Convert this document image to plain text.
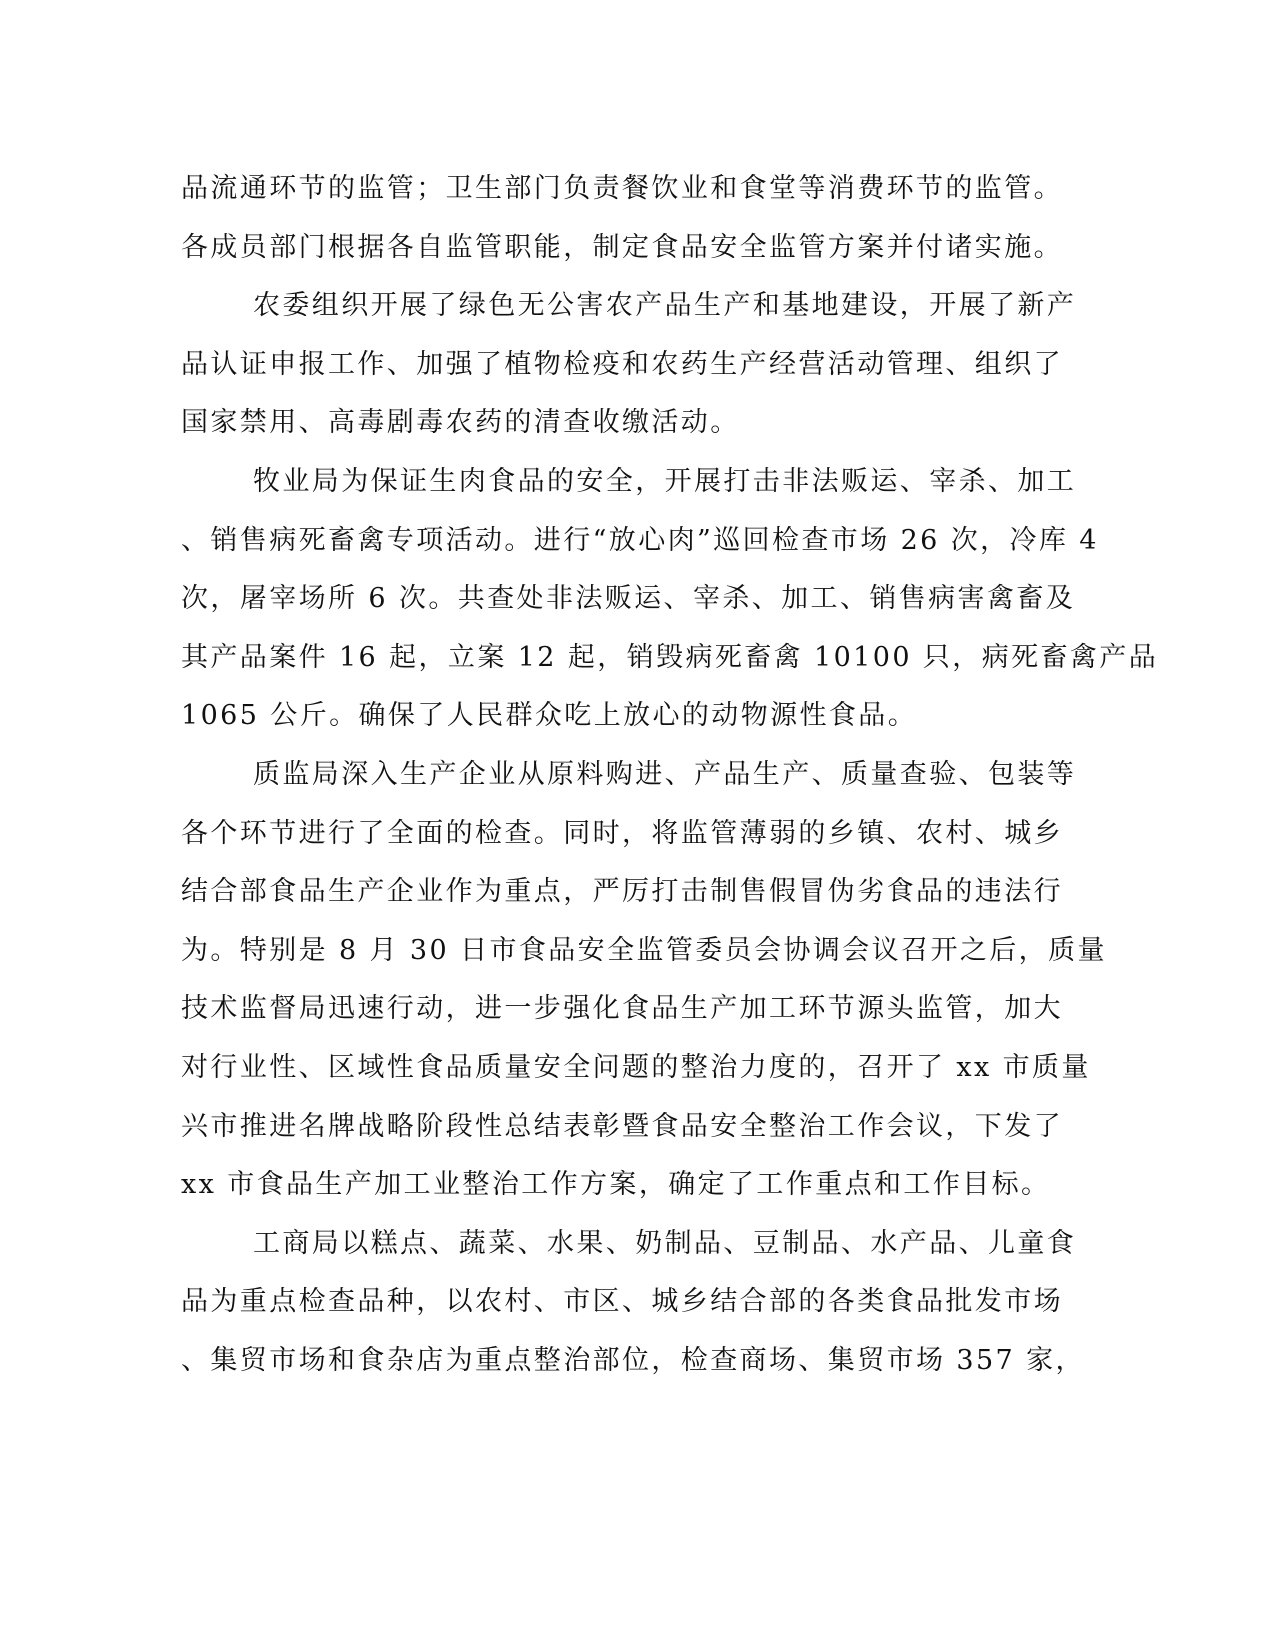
品流通环节的监管；卫生部门负责餐饮业和食堂等消费环节的监管。
各成员部门根据各自监管职能，制定食品安全监管方案并付诸实施。
农委组织开展了绿色无公害农产品生产和基地建设，开展了新产
品认证申报工作、加强了植物检疫和农药生产经营活动管理、组织了
国家禁用、高毒剧毒农药的清查收缴活动。
牧业局为保证生肉食品的安全，开展打击非法贩运、宰杀、加工
、销售病死畜禽专项活动。进行“放心肉”巡回检查市场 26 次，冷库 4
次，屠宰场所 6 次。共查处非法贩运、宰杀、加工、销售病害禽畜及
其产品案件 16 起，立案 12 起，销毁病死畜禽 10100 只，病死畜禽产品
1065 公斤。确保了人民群众吃上放心的动物源性食品。
质监局深入生产企业从原料购进、产品生产、质量查验、包装等
各个环节进行了全面的检查。同时，将监管薄弱的乡镇、农村、城乡
结合部食品生产企业作为重点，严厉打击制售假冒伪劣食品的违法行
为。特别是 8 月 30 日市食品安全监管委员会协调会议召开之后，质量
技术监督局迅速行动，进一步强化食品生产加工环节源头监管，加大
对行业性、区域性食品质量安全问题的整治力度的，召开了 xx 市质量
兴市推进名牌战略阶段性总结表彰暨食品安全整治工作会议，下发了
xx 市食品生产加工业整治工作方案，确定了工作重点和工作目标。
工商局以糕点、蔬菜、水果、奶制品、豆制品、水产品、儿童食
品为重点检查品种，以农村、市区、城乡结合部的各类食品批发市场
、集贸市场和食杂店为重点整治部位，检查商场、集贸市场 357 家，
